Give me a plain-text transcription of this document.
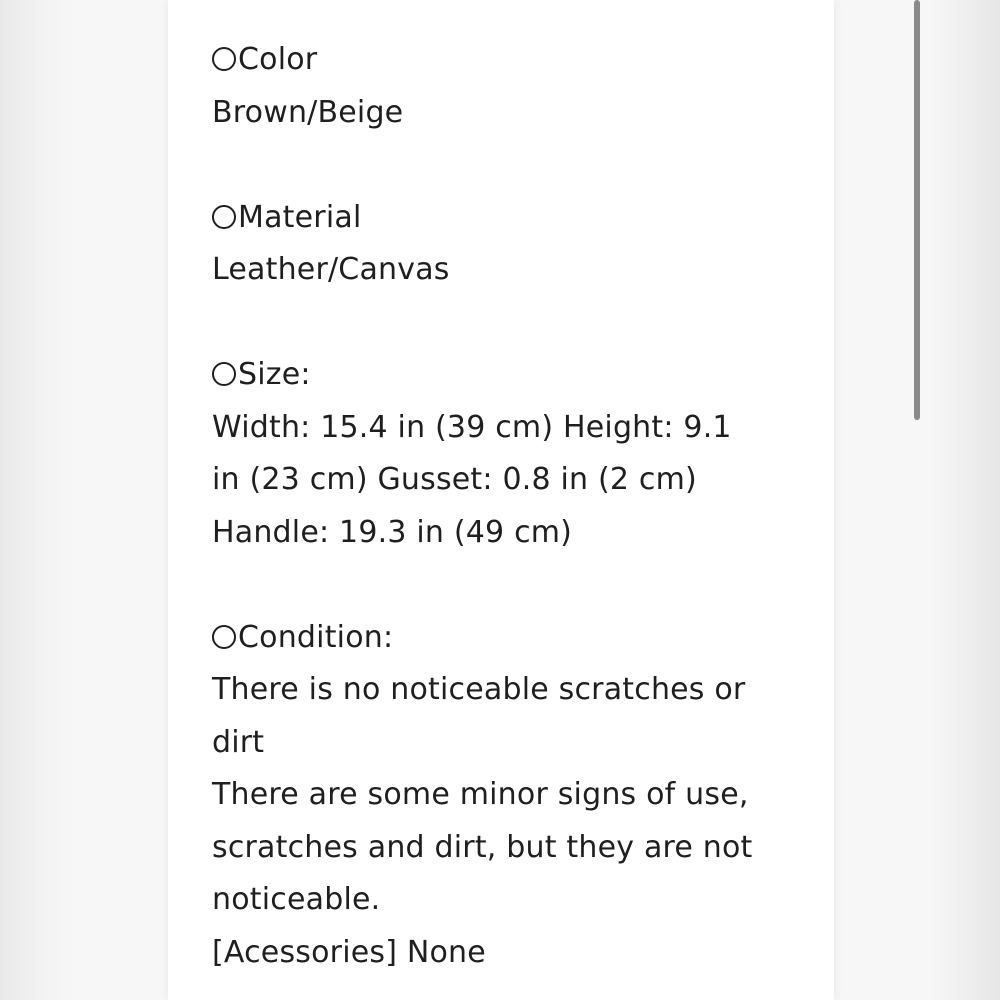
Color
Brown/Beige
Material
Leather/Canvas
Size:
Width: 15.4 in (39 cm) Height: 9.1
in (23 cm) Gusset: 0.8 in (2 cm)
Handle: 19.3 in (49 cm)
Condition:
There is no noticeable scratches or
dirt
There are some minor signs of use,
scratches and dirt, but they are not
noticeable.
[Acessories] None
